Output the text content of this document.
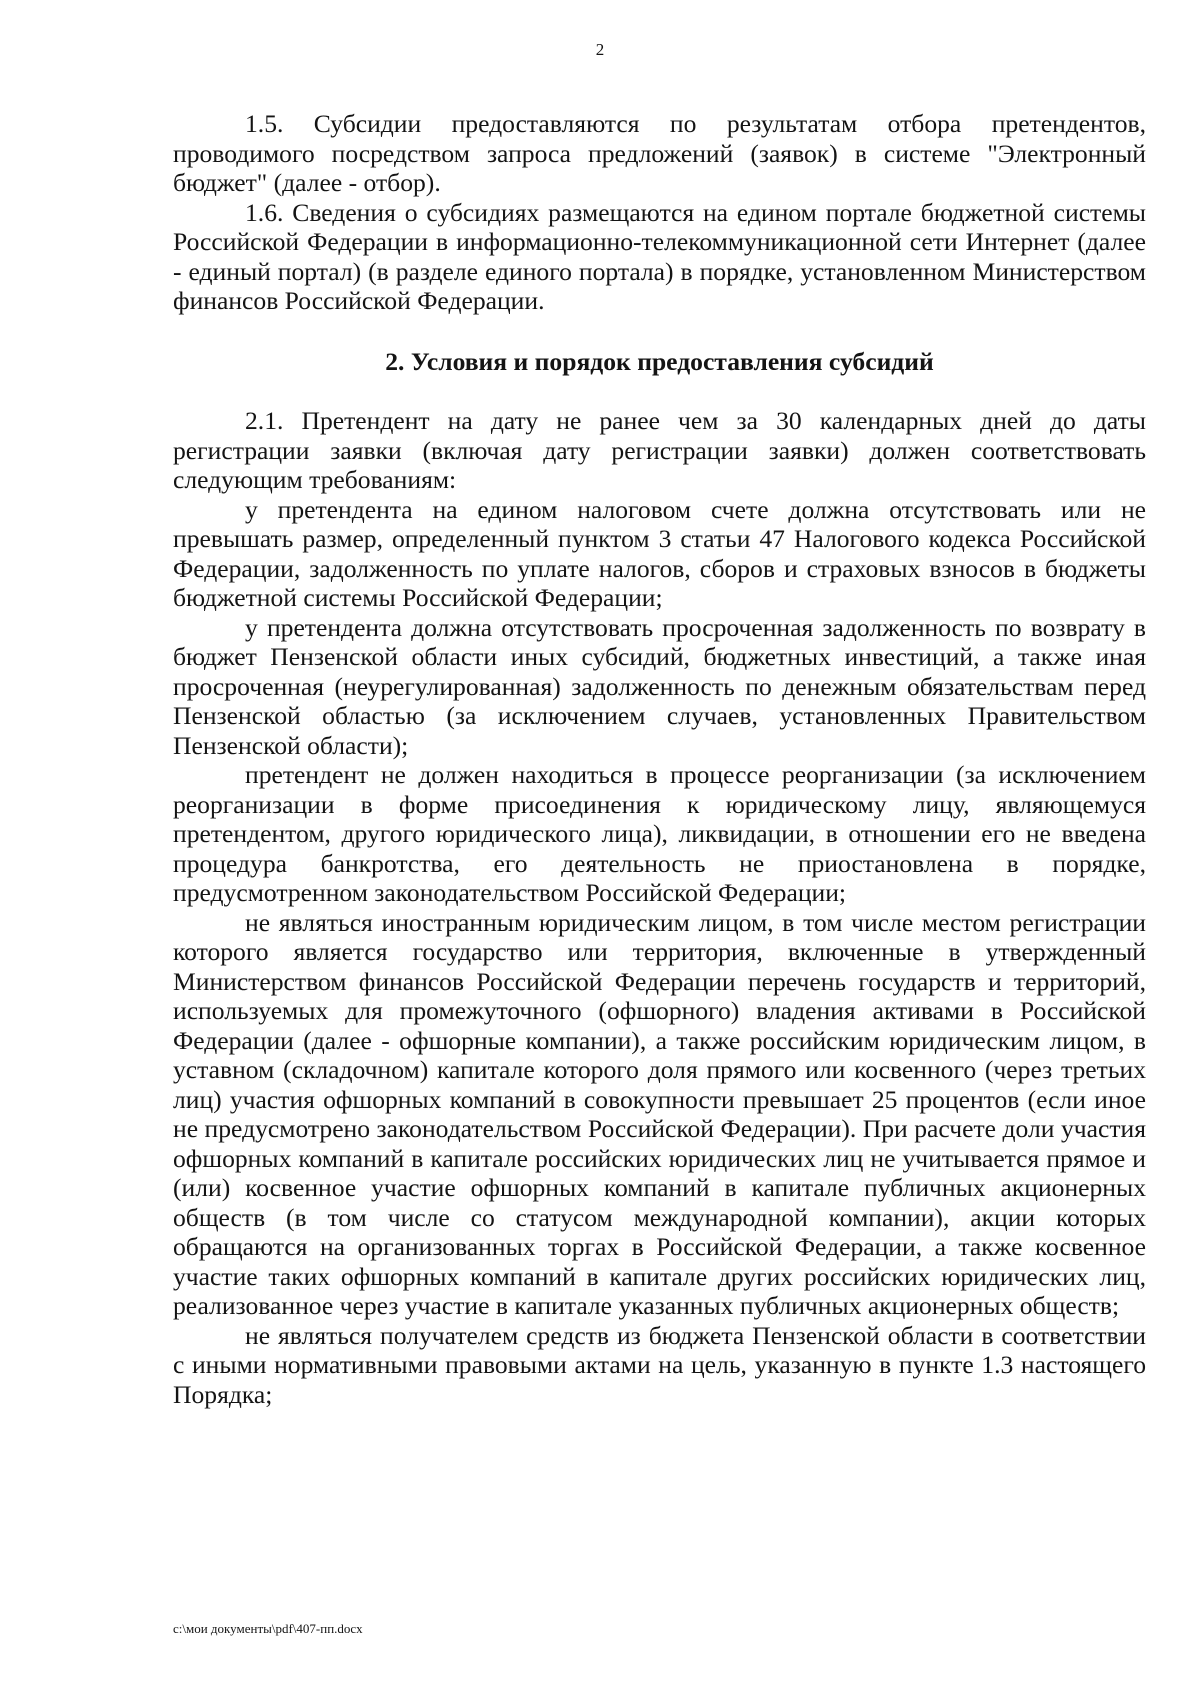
2

1.5. Субсидии предоставляются по результатам отбора претендентов, проводимого посредством запроса предложений (заявок) в системе "Электронный бюджет" (далее - отбор).

1.6. Сведения о субсидиях размещаются на едином портале бюджетной системы Российской Федерации в информационно-телекоммуникационной сети Интернет (далее - единый портал) (в разделе единого портала) в порядке, установленном Министерством финансов Российской Федерации.

2. Условия и порядок предоставления субсидий

2.1. Претендент на дату не ранее чем за 30 календарных дней до даты регистрации заявки (включая дату регистрации заявки) должен соответствовать следующим требованиям:

у претендента на едином налоговом счете должна отсутствовать или не превышать размер, определенный пунктом 3 статьи 47 Налогового кодекса Российской Федерации, задолженность по уплате налогов, сборов и страховых взносов в бюджеты бюджетной системы Российской Федерации;

у претендента должна отсутствовать просроченная задолженность по возврату в бюджет Пензенской области иных субсидий, бюджетных инвестиций, а также иная просроченная (неурегулированная) задолженность по денежным обязательствам перед Пензенской областью (за исключением случаев, установленных Правительством Пензенской области);

претендент не должен находиться в процессе реорганизации (за исключением реорганизации в форме присоединения к юридическому лицу, являющемуся претендентом, другого юридического лица), ликвидации, в отношении его не введена процедура банкротства, его деятельность не приостановлена в порядке, предусмотренном законодательством Российской Федерации;

не являться иностранным юридическим лицом, в том числе местом регистрации которого является государство или территория, включенные в утвержденный Министерством финансов Российской Федерации перечень государств и территорий, используемых для промежуточного (офшорного) владения активами в Российской Федерации (далее - офшорные компании), а также российским юридическим лицом, в уставном (складочном) капитале которого доля прямого или косвенного (через третьих лиц) участия офшорных компаний в совокупности превышает 25 процентов (если иное не предусмотрено законодательством Российской Федерации). При расчете доли участия офшорных компаний в капитале российских юридических лиц не учитывается прямое и (или) косвенное участие офшорных компаний в капитале публичных акционерных обществ (в том числе со статусом международной компании), акции которых обращаются на организованных торгах в Российской Федерации, а также косвенное участие таких офшорных компаний в капитале других российских юридических лиц, реализованное через участие в капитале указанных публичных акционерных обществ;

не являться получателем средств из бюджета Пензенской области в соответствии с иными нормативными правовыми актами на цель, указанную в пункте 1.3 настоящего Порядка;

c:\мои документы\pdf\407-пп.docx
